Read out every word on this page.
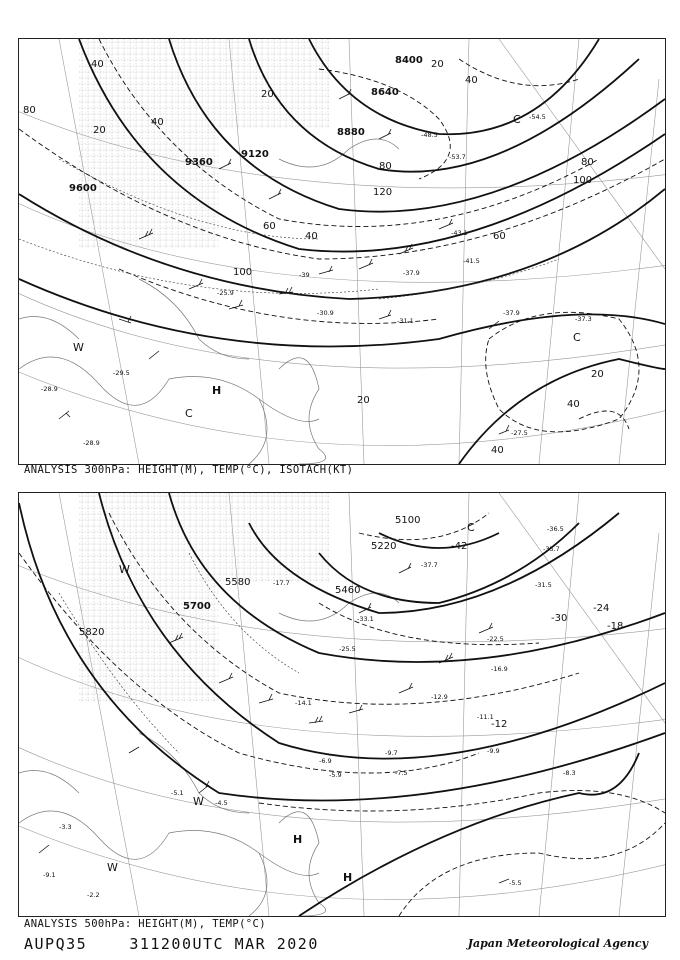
9600
9360
9120
8880
8640
8400
80
40
20
80
40
20
100
120
60
40
20
20
40
60
100
80
40
20
40
-39
-41.5
-43.1
-37.9
-31.1
-30.9	-37.9
-27.5
-29.5
-28.9
-28.9
-25.9
-37.3
-54.5
-53.7
-48.5
H
W
C
C
C
ANALYSIS 300hPa: HEIGHT(M), TEMP(°C), ISOTACH(KT)
5820
5700
5580
5460
5220
5100
-42
-30
-24
-18
-12
-22.5
-16.9
-12.9
-11.1
-9.9
-9.7
-7.5	-8.3
-5.5
-6.9
-5.9
-4.5
-5.1
-2.2
-3.3
-9.1
-14.1
-17.7
-25.5
-37.7
-31.5
-33.1
-35.7
-36.5
H
H
W
W
W
C
ANALYSIS 500hPa: HEIGHT(M), TEMP(°C)
AUPQ35	311200UTC MAR 2020	Japan Meteorological Agency
